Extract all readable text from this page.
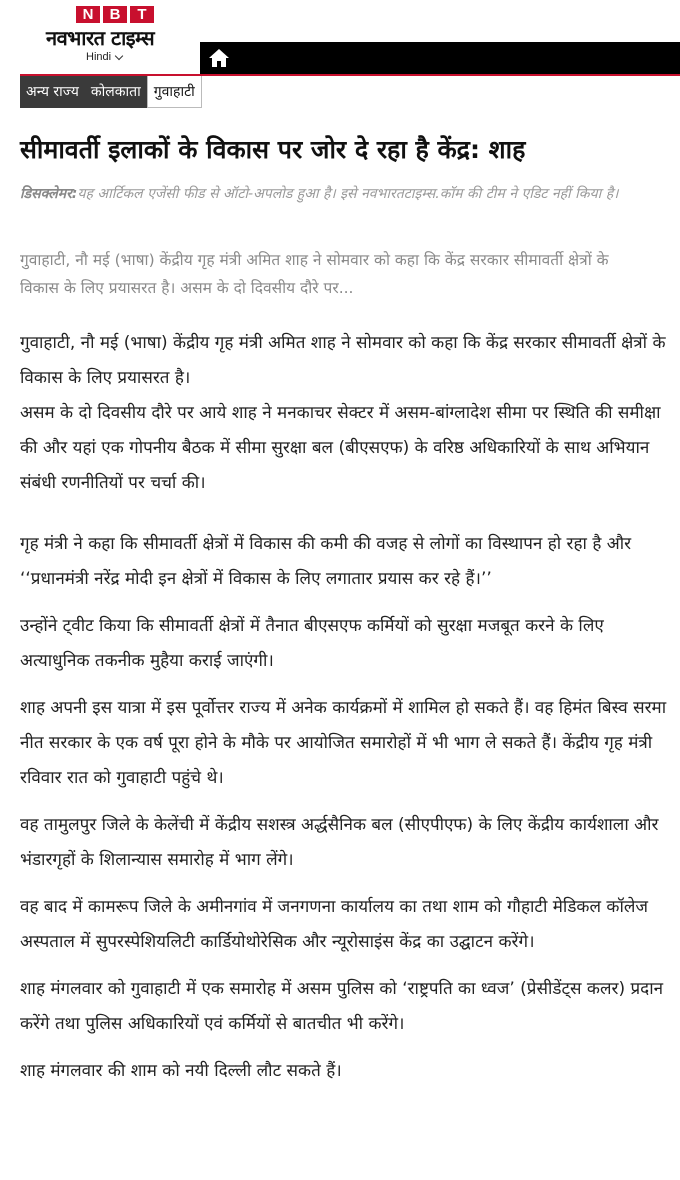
N	B	T
नवभारत टाइम्स
Hindi
अन्य राज्य कोलकाता गुवाहाटी
सीमावर्ती इलाकों के विकास पर जोर दे रहा है केंद्र: शाह
डिसक्लेमर:यह आर्टिकल एजेंसी फीड से ऑटो-अपलोड हुआ है। इसे नवभारतटाइम्स.कॉम की टीम ने एडिट नहीं किया है।
गुवाहाटी, नौ मई (भाषा) केंद्रीय गृह मंत्री अमित शाह ने सोमवार को कहा कि केंद्र सरकार सीमावर्ती क्षेत्रों के विकास के लिए प्रयासरत है। असम के दो दिवसीय दौरे पर...

गुवाहाटी, नौ मई (भाषा) केंद्रीय गृह मंत्री अमित शाह ने सोमवार को कहा कि केंद्र सरकार सीमावर्ती क्षेत्रों के विकास के लिए प्रयासरत है।

असम के दो दिवसीय दौरे पर आये शाह ने मनकाचर सेक्टर में असम-बांग्लादेश सीमा पर स्थिति की समीक्षा की और यहां एक गोपनीय बैठक में सीमा सुरक्षा बल (बीएसएफ) के वरिष्ठ अधिकारियों के साथ अभियान संबंधी रणनीतियों पर चर्चा की।

गृह मंत्री ने कहा कि सीमावर्ती क्षेत्रों में विकास की कमी की वजह से लोगों का विस्थापन हो रहा है और ‘‘प्रधानमंत्री नरेंद्र मोदी इन क्षेत्रों में विकास के लिए लगातार प्रयास कर रहे हैं।’’

उन्होंने ट्वीट किया कि सीमावर्ती क्षेत्रों में तैनात बीएसएफ कर्मियों को सुरक्षा मजबूत करने के लिए अत्याधुनिक तकनीक मुहैया कराई जाएंगी।

शाह अपनी इस यात्रा में इस पूर्वोत्तर राज्य में अनेक कार्यक्रमों में शामिल हो सकते हैं। वह हिमंत बिस्व सरमा नीत सरकार के एक वर्ष पूरा होने के मौके पर आयोजित समारोहों में भी भाग ले सकते हैं। केंद्रीय गृह मंत्री रविवार रात को गुवाहाटी पहुंचे थे।

वह तामुलपुर जिले के केलेंची में केंद्रीय सशस्त्र अर्द्धसैनिक बल (सीएपीएफ) के लिए केंद्रीय कार्यशाला और भंडारगृहों के शिलान्यास समारोह में भाग लेंगे।

वह बाद में कामरूप जिले के अमीनगांव में जनगणना कार्यालय का तथा शाम को गौहाटी मेडिकल कॉलेज अस्पताल में सुपरस्पेशियलिटी कार्डियोथोरेसिक और न्यूरोसाइंस केंद्र का उद्घाटन करेंगे।

शाह मंगलवार को गुवाहाटी में एक समारोह में असम पुलिस को ‘राष्ट्रपति का ध्वज’ (प्रेसीडेंट्स कलर) प्रदान करेंगे तथा पुलिस अधिकारियों एवं कर्मियों से बातचीत भी करेंगे।

शाह मंगलवार की शाम को नयी दिल्ली लौट सकते हैं।
